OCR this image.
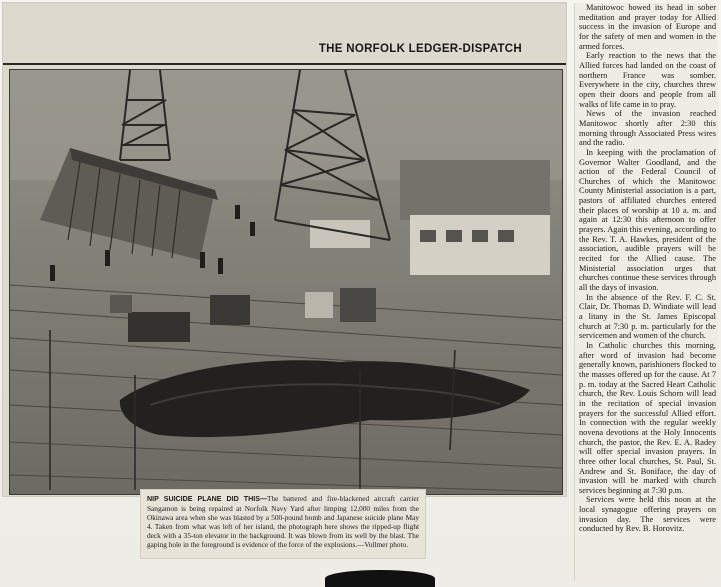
THE NORFOLK LEDGER-DISPATCH
NIP SUICIDE PLANE DID THIS—The battered and fire-blackened aircraft carrier Sangamon is being repaired at Norfolk Navy Yard after limping 12,000 miles from the Okinawa area when she was blasted by a 500-pound bomb and Japanese suicide plane May 4. Taken from what was left of her island, the photograph here shows the ripped-up flight deck with a 35-ton elevator in the background. It was blown from its well by the blast. The gaping hole in the foreground is evidence of the force of the explosions.—Vollmer photo.

Manitowoc bowed its head in sober meditation and prayer today for Allied success in the invasion of Europe and for the safety of men and women in the armed forces.

Early reaction to the news that the Allied forces had landed on the coast of northern France was somber. Everywhere in the city, churches threw open their doors and people from all walks of life came in to pray.

News of the invasion reached Manitowoc shortly after 2:30 this morning through Associated Press wires and the radio.

In keeping with the proclamation of Governor Walter Goodland, and the action of the Federal Council of Churches of which the Manitowoc County Ministerial association is a part, pastors of affiliated churches entered their places of worship at 10 a. m. and again at 12:30 this afternoon to offer prayers. Again this evening, according to the Rev. T. A. Hawkes, president of the association, audible prayers will be recited for the Allied cause. The Ministerial association urges that churches continue these services through all the days of invasion.

In the absence of the Rev. F. C. St. Clair, Dr. Thomas D. Windiate will lead a litany in the St. James Episcopal church at 7:30 p. m. particularly for the servicemen and women of the church.

In Catholic churches this morning, after word of invasion had become generally known, parishioners flocked to the masses offered up for the cause. At 7 p. m. today at the Sacred Heart Catholic church, the Rev. Louis Schorn will lead in the recitation of special invasion prayers for the successful Allied effort. In connection with the regular weekly novena devotions at the Holy Innocents church, the pastor, the Rev. E. A. Radey will offer special invasion prayers. In three other local churches, St. Paul, St. Andrew and St. Boniface, the day of invasion will be marked with church services beginning at 7:30 p.m.

Services were held this noon at the local synagogue offering prayers on invasion day. The services were conducted by Rev. B. Horovitz.
